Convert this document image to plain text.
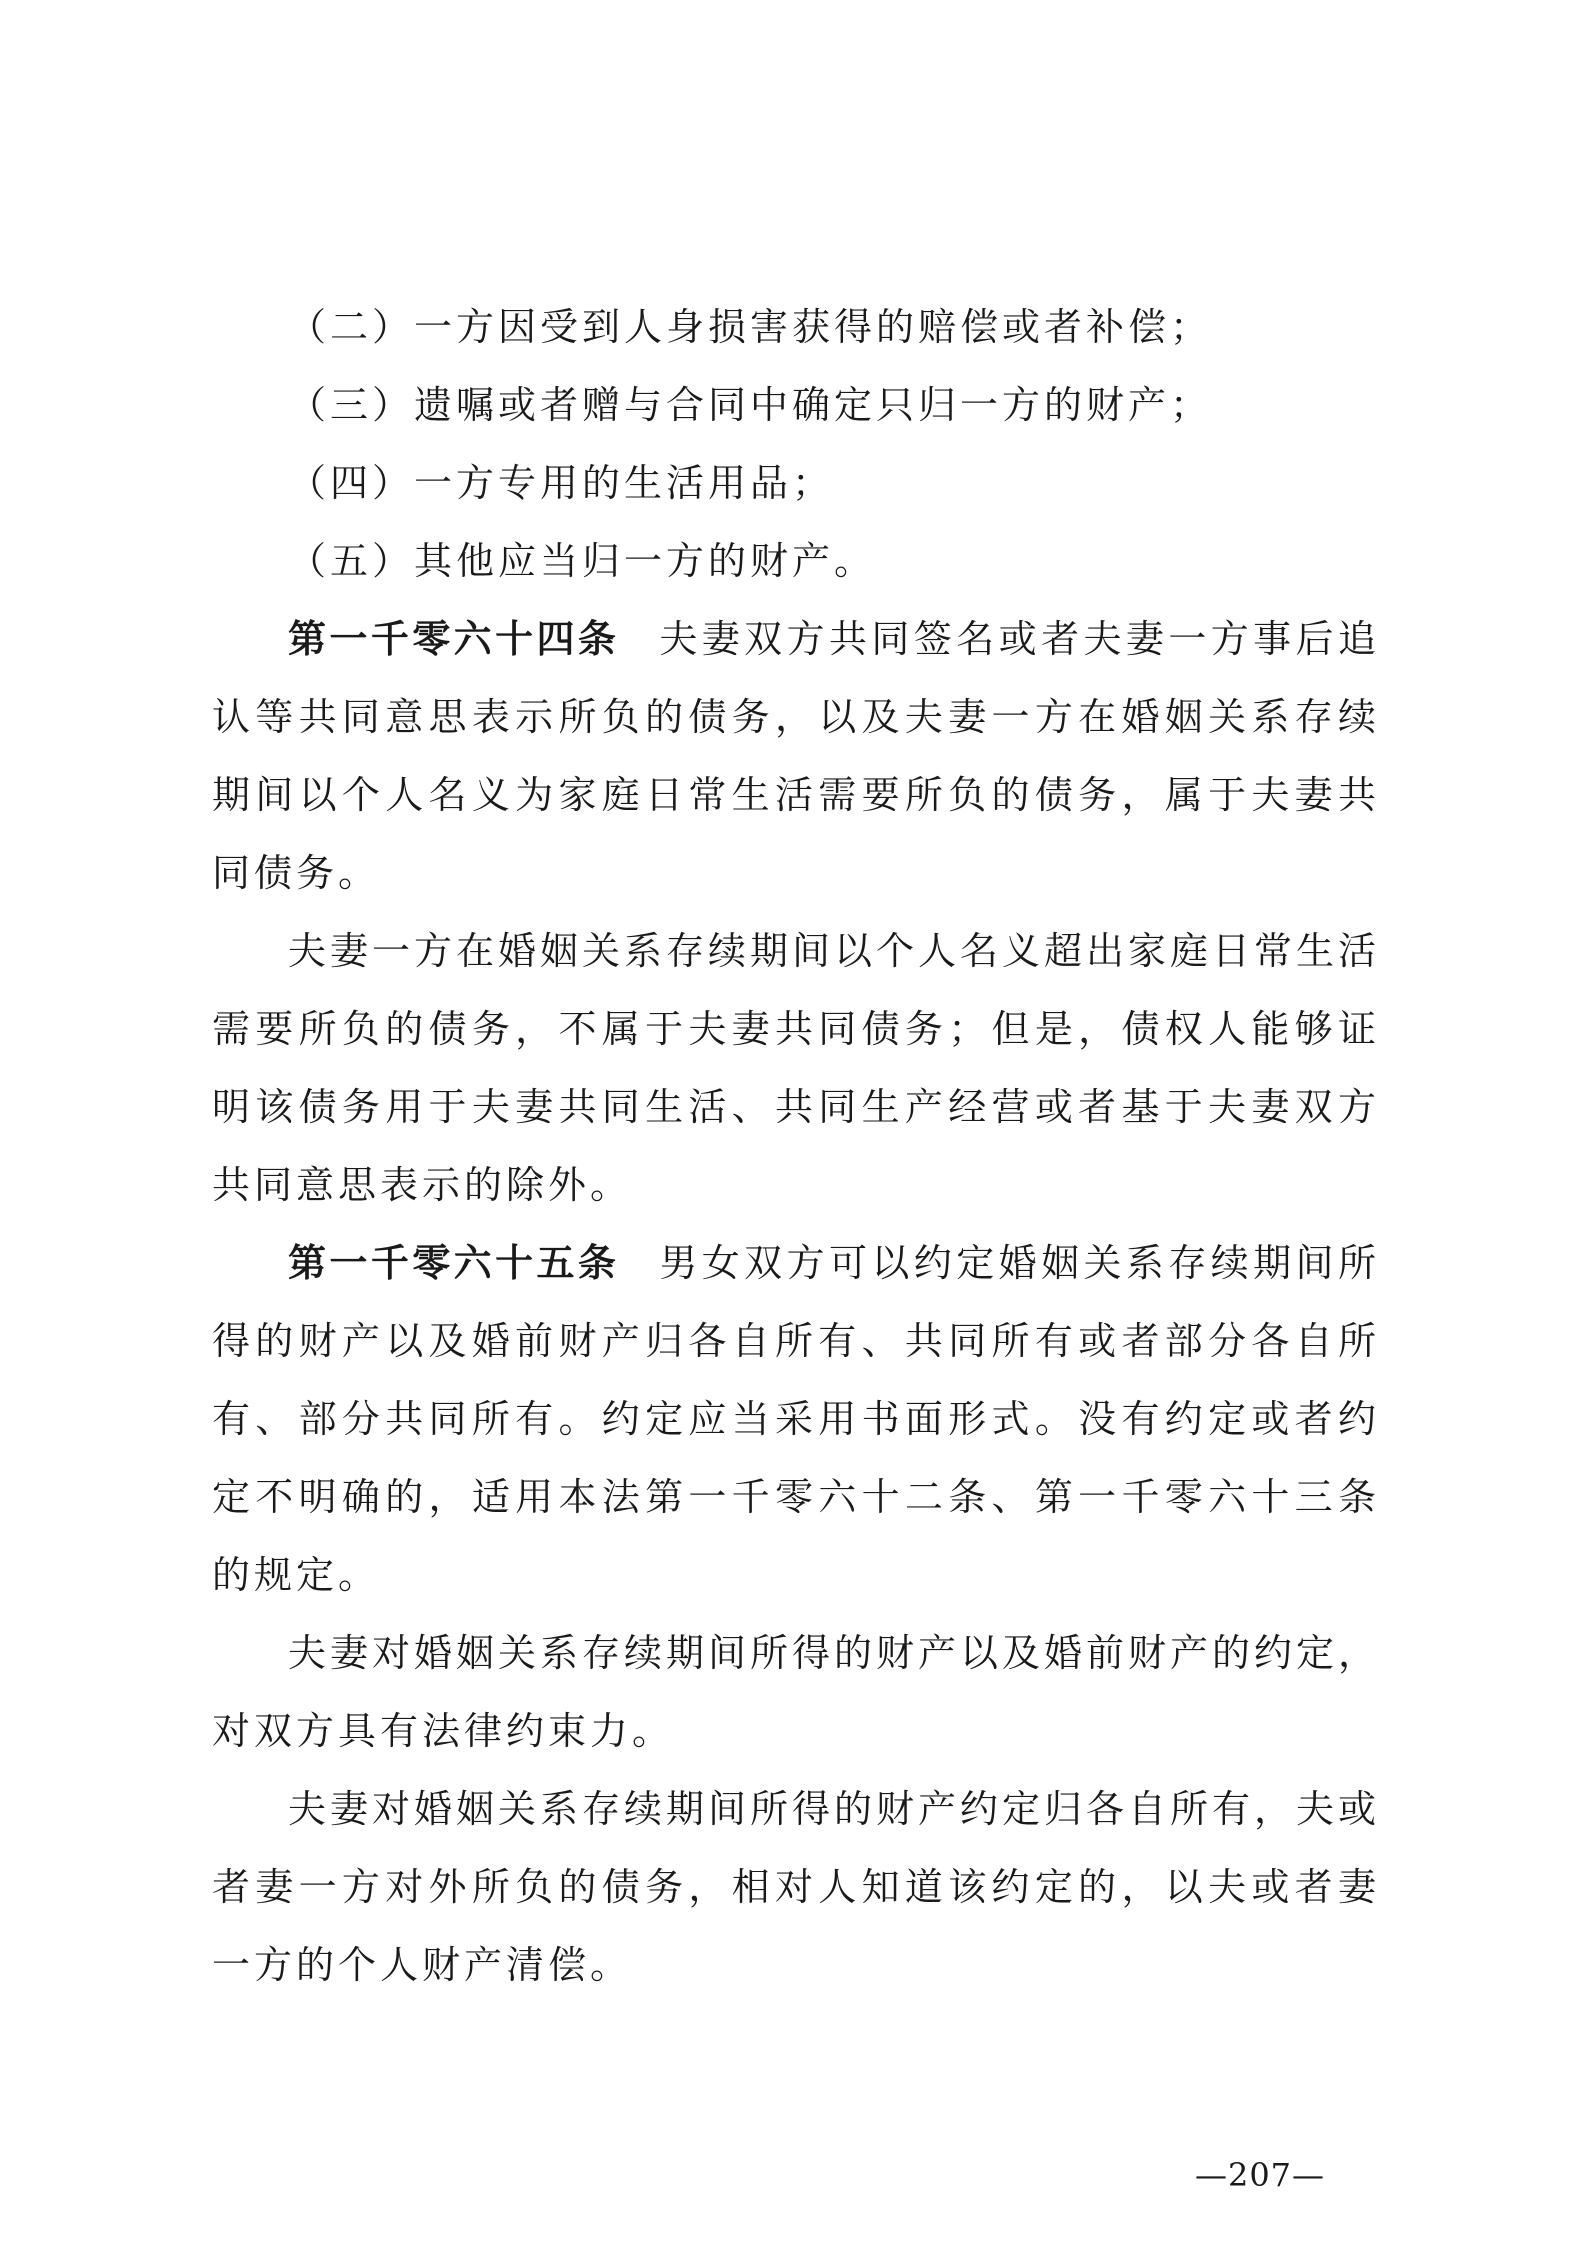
（二）一方因受到人身损害获得的赔偿或者补偿；

（三）遗嘱或者赠与合同中确定只归一方的财产；

（四）一方专用的生活用品；

（五）其他应当归一方的财产。

第一千零六十四条 夫妻双方共同签名或者夫妻一方事后追认等共同意思表示所负的债务，以及夫妻一方在婚姻关系存续期间以个人名义为家庭日常生活需要所负的债务，属于夫妻共同债务。

夫妻一方在婚姻关系存续期间以个人名义超出家庭日常生活需要所负的债务，不属于夫妻共同债务；但是，债权人能够证明该债务用于夫妻共同生活、共同生产经营或者基于夫妻双方共同意思表示的除外。

第一千零六十五条 男女双方可以约定婚姻关系存续期间所得的财产以及婚前财产归各自所有、共同所有或者部分各自所有、部分共同所有。约定应当采用书面形式。没有约定或者约定不明确的，适用本法第一千零六十二条、第一千零六十三条的规定。

夫妻对婚姻关系存续期间所得的财产以及婚前财产的约定，对双方具有法律约束力。

夫妻对婚姻关系存续期间所得的财产约定归各自所有，夫或者妻一方对外所负的债务，相对人知道该约定的，以夫或者妻一方的个人财产清偿。

—207—
